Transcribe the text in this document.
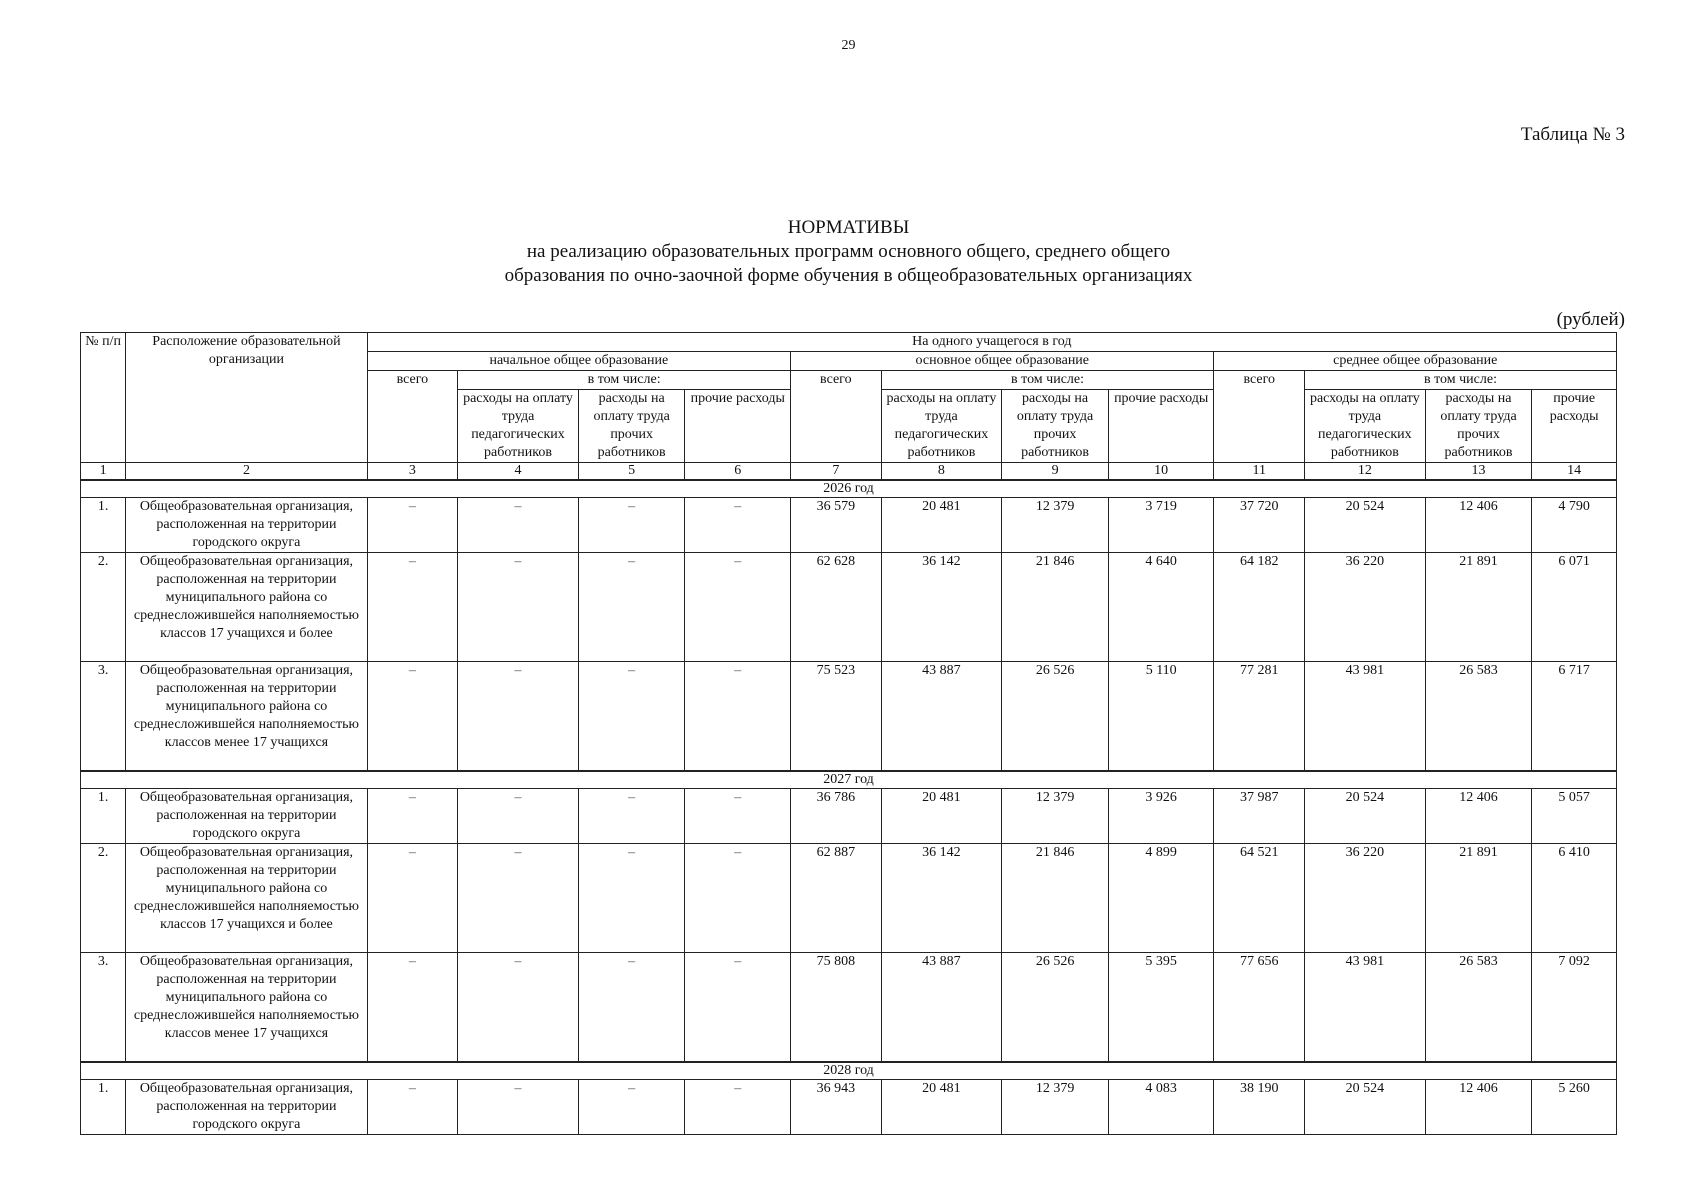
29
Таблица № 3
НОРМАТИВЫ
на реализацию образовательных программ основного общего, среднего общего
образования по очно-заочной форме обучения в общеобразовательных организациях
(рублей)
№ п/п	Расположение образовательной организации	На одного учащегося в год											
		начальное общее образование				основное общее образование				среднее общее образование			
		всего	в том числе:			всего	в том числе:			всего	в том числе:		
			расходы на оплату труда педагогических работников	расходы на оплату труда прочих работников	прочие расходы		расходы на оплату труда педагогических работников	расходы на оплату труда прочих работников	прочие расходы		расходы на оплату труда педагогических работников	расходы на оплату труда прочих работников	прочие расходы
1	2	3	4	5	6	7	8	9	10	11	12	13	14
2026 год													
1.	Общеобразовательная организация, расположенная на территории городского округа	–	–	–	–	36 579	20 481	12 379	3 719	37 720	20 524	12 406	4 790
2.	Общеобразовательная организация, расположенная на территории муниципального района со среднесложившейся наполняемостью классов 17 учащихся и более	–	–	–	–	62 628	36 142	21 846	4 640	64 182	36 220	21 891	6 071
3.	Общеобразовательная организация, расположенная на территории муниципального района со среднесложившейся наполняемостью классов менее 17 учащихся	–	–	–	–	75 523	43 887	26 526	5 110	77 281	43 981	26 583	6 717
2027 год													
1.	Общеобразовательная организация, расположенная на территории городского округа	–	–	–	–	36 786	20 481	12 379	3 926	37 987	20 524	12 406	5 057
2.	Общеобразовательная организация, расположенная на территории муниципального района со среднесложившейся наполняемостью классов 17 учащихся и более	–	–	–	–	62 887	36 142	21 846	4 899	64 521	36 220	21 891	6 410
3.	Общеобразовательная организация, расположенная на территории муниципального района со среднесложившейся наполняемостью классов менее 17 учащихся	–	–	–	–	75 808	43 887	26 526	5 395	77 656	43 981	26 583	7 092
2028 год													
1.	Общеобразовательная организация, расположенная на территории городского округа	–	–	–	–	36 943	20 481	12 379	4 083	38 190	20 524	12 406	5 260
